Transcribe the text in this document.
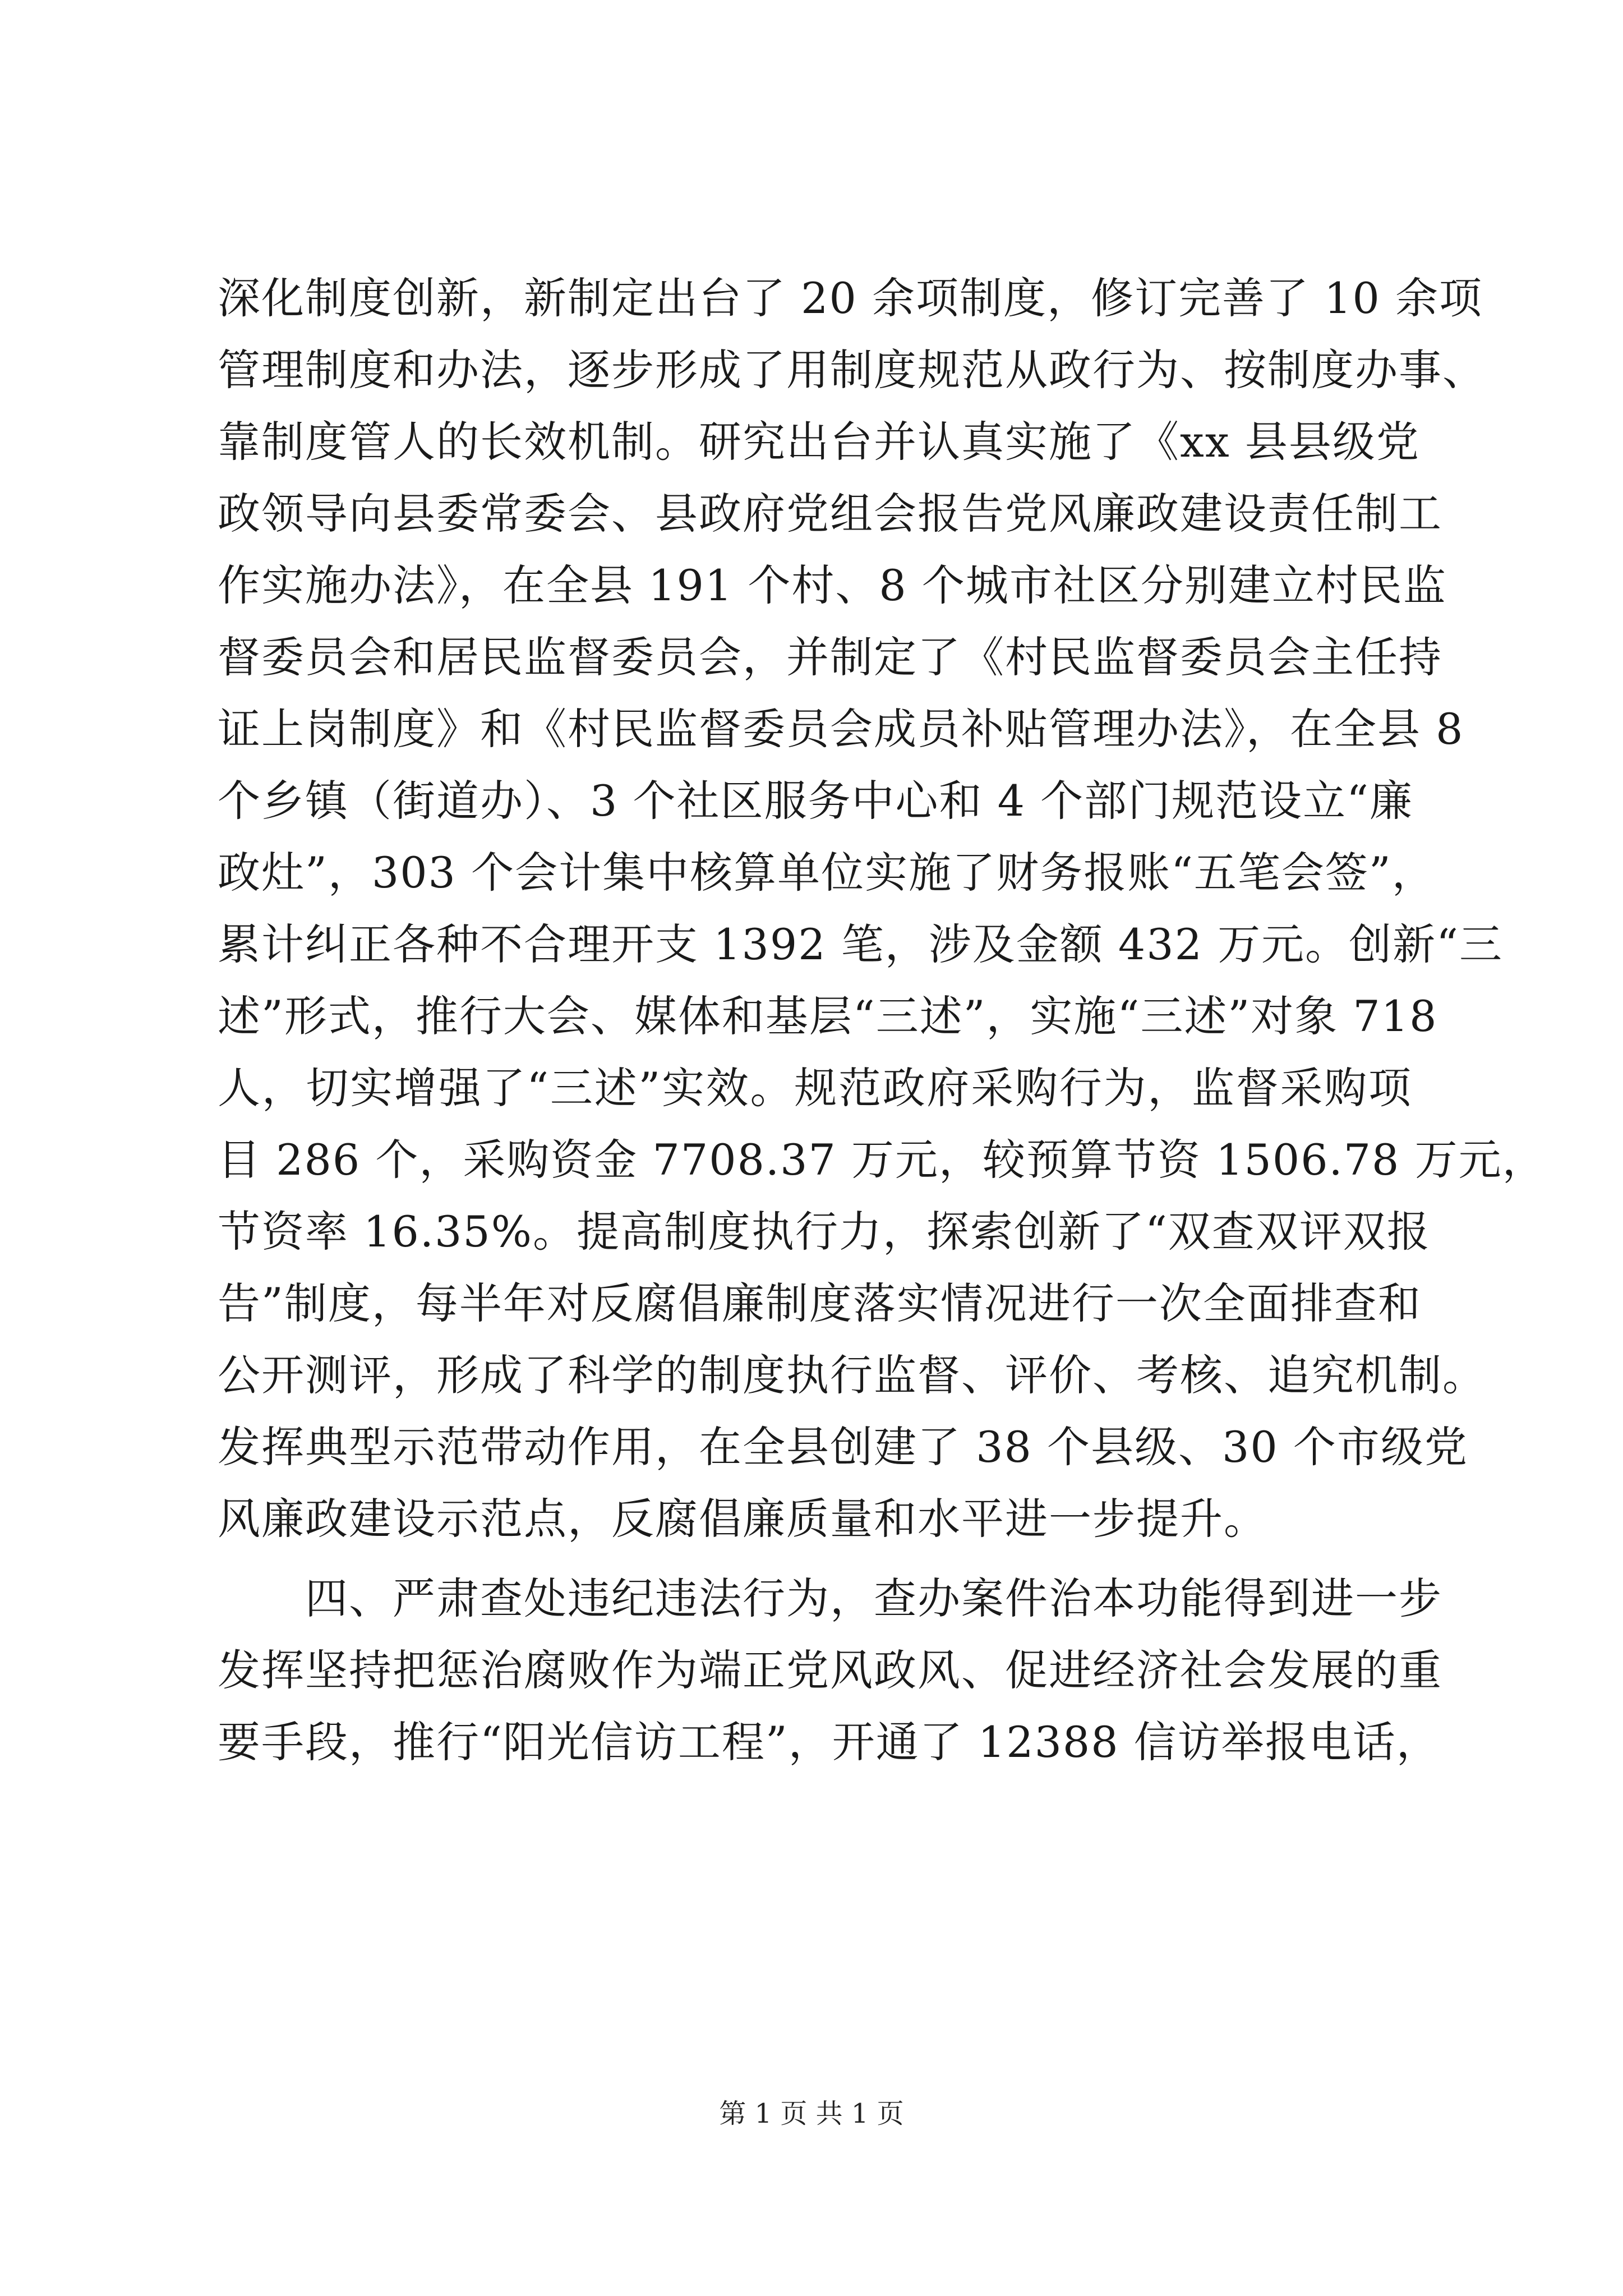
深化制度创新，新制定出台了 20 余项制度，修订完善了 10 余项
管理制度和办法，逐步形成了用制度规范从政行为、按制度办事、
靠制度管人的长效机制。研究出台并认真实施了《xx 县县级党
政领导向县委常委会、县政府党组会报告党风廉政建设责任制工
作实施办法》，在全县 191 个村、8 个城市社区分别建立村民监
督委员会和居民监督委员会，并制定了《村民监督委员会主任持
证上岗制度》和《村民监督委员会成员补贴管理办法》，在全县 8
个乡镇（街道办）、3 个社区服务中心和 4 个部门规范设立“廉
政灶”，303 个会计集中核算单位实施了财务报账“五笔会签”，
累计纠正各种不合理开支 1392 笔，涉及金额 432 万元。创新“三
述”形式，推行大会、媒体和基层“三述”，实施“三述”对象 718
人，切实增强了“三述”实效。规范政府采购行为，监督采购项
目 286 个，采购资金 7708.37 万元，较预算节资 1506.78 万元，
节资率 16.35%。提高制度执行力，探索创新了“双查双评双报
告”制度，每半年对反腐倡廉制度落实情况进行一次全面排查和
公开测评，形成了科学的制度执行监督、评价、考核、追究机制。
发挥典型示范带动作用，在全县创建了 38 个县级、30 个市级党
风廉政建设示范点，反腐倡廉质量和水平进一步提升。
四、严肃查处违纪违法行为，查办案件治本功能得到进一步
发挥坚持把惩治腐败作为端正党风政风、促进经济社会发展的重
要手段，推行“阳光信访工程”，开通了 12388 信访举报电话，
第 1 页 共 1 页
